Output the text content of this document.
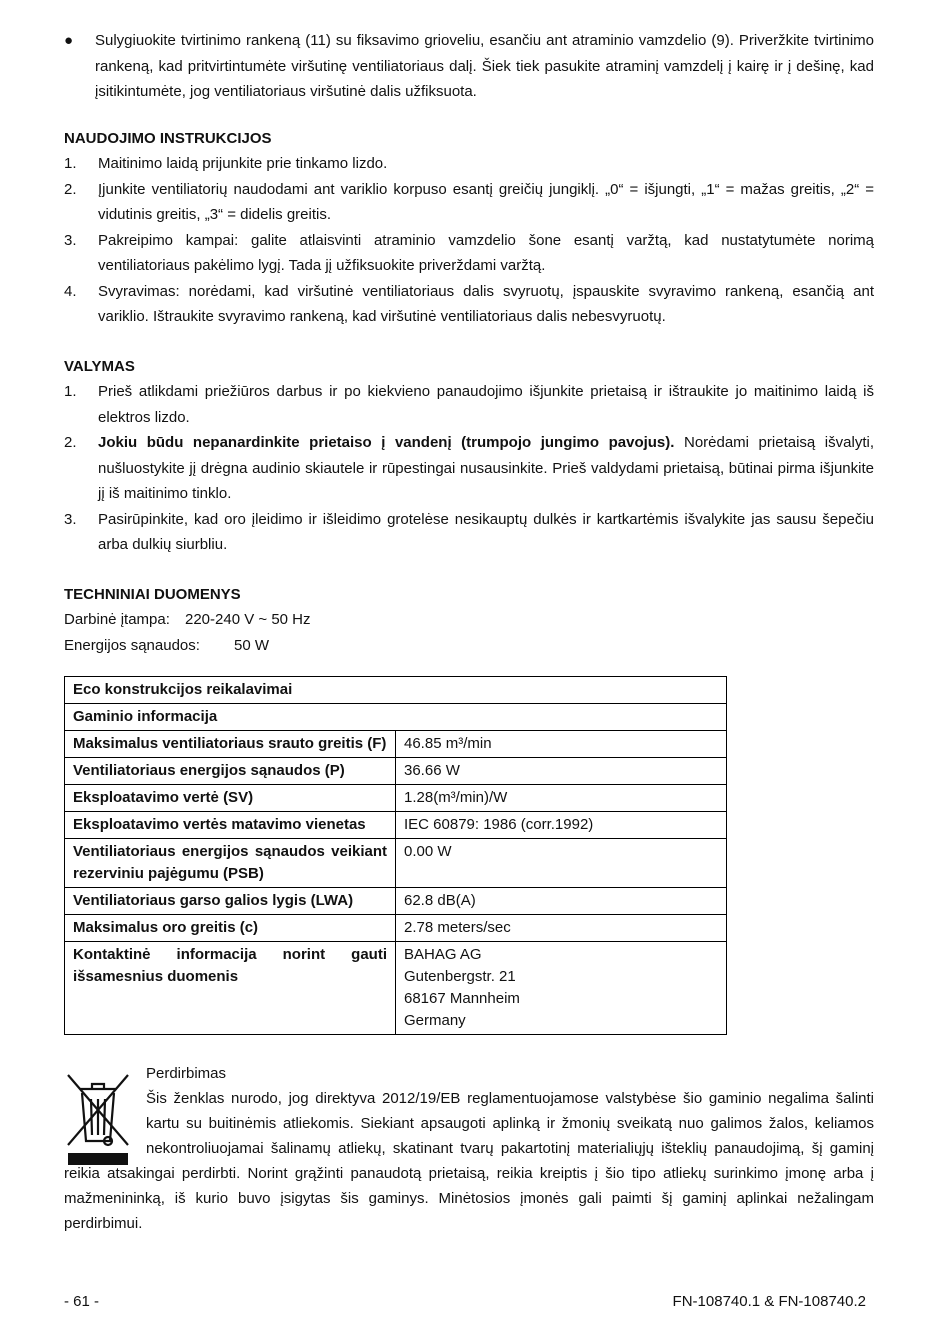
●	Sulygiuokite tvirtinimo rankeną (11) su fiksavimo grioveliu, esančiu ant atraminio vamzdelio (9). Priveržkite tvirtinimo rankeną, kad pritvirtintumėte viršutinę ventiliatoriaus dalį. Šiek tiek pasukite atraminį vamzdelį į kairę ir į dešinę, kad įsitikintumėte, jog ventiliatoriaus viršutinė dalis užfiksuota.

NAUDOJIMO INSTRUKCIJOS

1.	Maitinimo laidą prijunkite prie tinkamo lizdo.
2.	Įjunkite ventiliatorių naudodami ant variklio korpuso esantį greičių jungiklį. „0“ = išjungti, „1“ = mažas greitis, „2“ = vidutinis greitis, „3“ = didelis greitis.
3.	Pakreipimo kampai: galite atlaisvinti atraminio vamzdelio šone esantį varžtą, kad nustatytumėte norimą ventiliatoriaus pakėlimo lygį. Tada jį užfiksuokite priverždami varžtą.
4.	Svyravimas: norėdami, kad viršutinė ventiliatoriaus dalis svyruotų, įspauskite svyravimo rankeną, esančią ant variklio. Ištraukite svyravimo rankeną, kad viršutinė ventiliatoriaus dalis nebesvyruotų.

VALYMAS

1.	Prieš atlikdami priežiūros darbus ir po kiekvieno panaudojimo išjunkite prietaisą ir ištraukite jo maitinimo laidą iš elektros lizdo.
2.	Jokiu būdu nepanardinkite prietaiso į vandenį (trumpojo jungimo pavojus). Norėdami prietaisą išvalyti, nušluostykite jį drėgna audinio skiautele ir rūpestingai nusausinkite. Prieš valdydami prietaisą, būtinai pirma išjunkite jį iš maitinimo tinklo.
3.	Pasirūpinkite, kad oro įleidimo ir išleidimo grotelėse nesikauptų dulkės ir kartkartėmis išvalykite jas sausu šepečiu arba dulkių siurbliu.

TECHNINIAI DUOMENYS

Darbinė įtampa: 220-240 V ~ 50 Hz
Energijos sąnaudos: 50 W
Eco konstrukcijos reikalavimai	
Gaminio informacija	
Maksimalus ventiliatoriaus srauto greitis (F)	46.85 m³/min
Ventiliatoriaus energijos sąnaudos (P)	36.66 W
Eksploatavimo vertė (SV)	1.28(m³/min)/W
Eksploatavimo vertės matavimo vienetas	IEC 60879: 1986 (corr.1992)
Ventiliatoriaus energijos sąnaudos veikiant rezerviniu pajėgumu (PSB)	0.00 W
Ventiliatoriaus garso galios lygis (LWA)	62.8 dB(A)
Maksimalus oro greitis (c)	2.78 meters/sec
Kontaktinė informacija norint gauti išsamesnius duomenis	BAHAG AG
Gutenbergstr. 21
68167 Mannheim
Germany
Perdirbimas
Šis ženklas nurodo, jog direktyva 2012/19/EB reglamentuojamose valstybėse šio gaminio negalima šalinti kartu su buitinėmis atliekomis. Siekiant apsaugoti aplinką ir žmonių sveikatą nuo galimos žalos, keliamos nekontroliuojamai šalinamų atliekų, skatinant tvarų pakartotinį materialiųjų išteklių panaudojimą, šį gaminį reikia atsakingai perdirbti. Norint grąžinti panaudotą prietaisą, reikia kreiptis į šio tipo atliekų surinkimo įmonę arba į mažmenininką, iš kurio buvo įsigytas šis gaminys. Minėtosios įmonės gali paimti šį gaminį aplinkai nežalingam perdirbimui.
- 61 -	FN-108740.1 & FN-108740.2
